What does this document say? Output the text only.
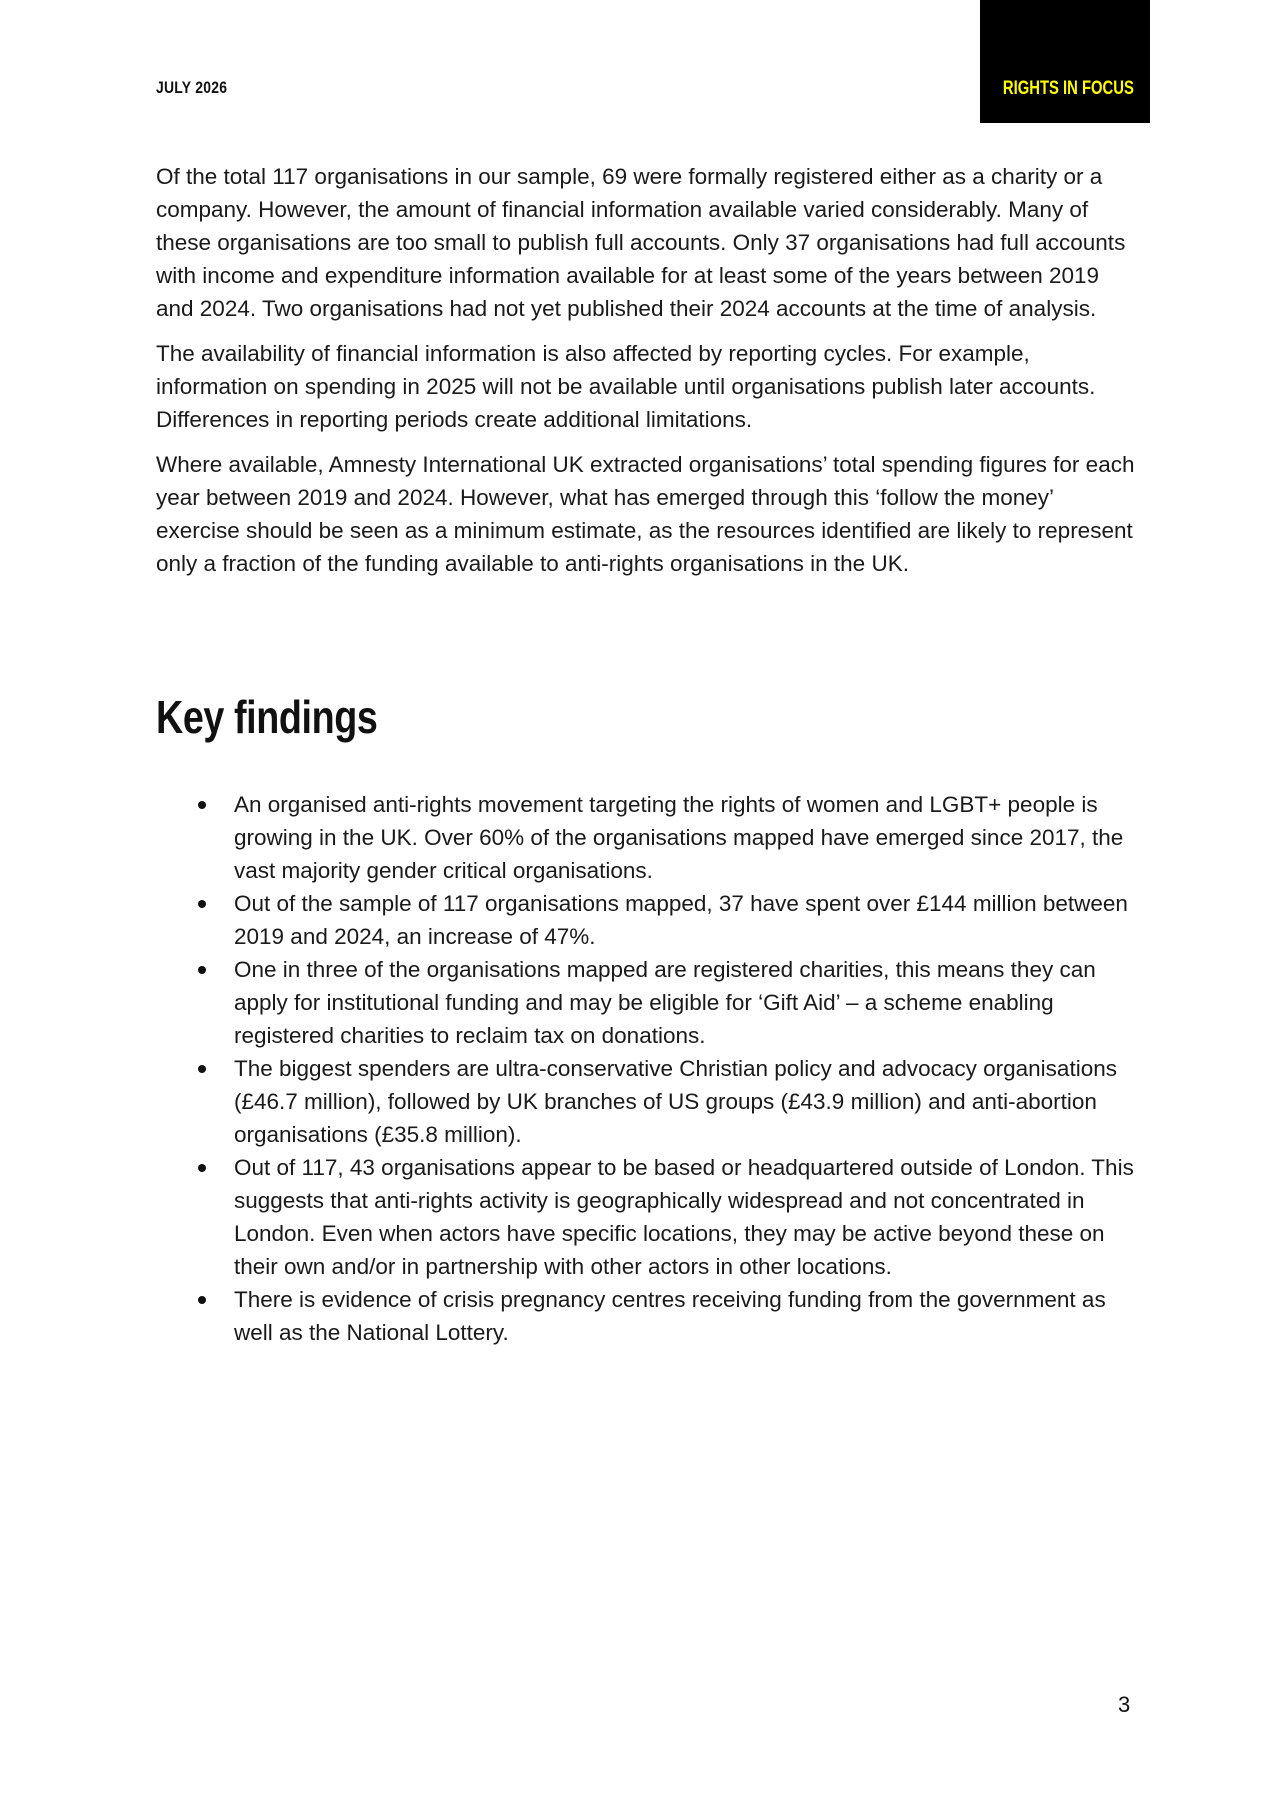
JULY 2026	RIGHTS IN FOCUS

Of the total 117 organisations in our sample, 69 were formally registered either as a charity or a company. However, the amount of financial information available varied considerably. Many of these organisations are too small to publish full accounts. Only 37 organisations had full accounts with income and expenditure information available for at least some of the years between 2019 and 2024. Two organisations had not yet published their 2024 accounts at the time of analysis.

The availability of financial information is also affected by reporting cycles. For example, information on spending in 2025 will not be available until organisations publish later accounts. Differences in reporting periods create additional limitations.

Where available, Amnesty International UK extracted organisations’ total spending figures for each year between 2019 and 2024. However, what has emerged through this ‘follow the money’ exercise should be seen as a minimum estimate, as the resources identified are likely to represent only a fraction of the funding available to anti-rights organisations in the UK.

Key findings
An organised anti-rights movement targeting the rights of women and LGBT+ people is growing in the UK. Over 60% of the organisations mapped have emerged since 2017, the vast majority gender critical organisations.
Out of the sample of 117 organisations mapped, 37 have spent over £144 million between 2019 and 2024, an increase of 47%.
One in three of the organisations mapped are registered charities, this means they can apply for institutional funding and may be eligible for ‘Gift Aid’ – a scheme enabling registered charities to reclaim tax on donations.
The biggest spenders are ultra-conservative Christian policy and advocacy organisations (£46.7 million), followed by UK branches of US groups (£43.9 million) and anti-abortion organisations (£35.8 million).
Out of 117, 43 organisations appear to be based or headquartered outside of London. This suggests that anti-rights activity is geographically widespread and not concentrated in London. Even when actors have specific locations, they may be active beyond these on their own and/or in partnership with other actors in other locations.
There is evidence of crisis pregnancy centres receiving funding from the government as well as the National Lottery.

3
